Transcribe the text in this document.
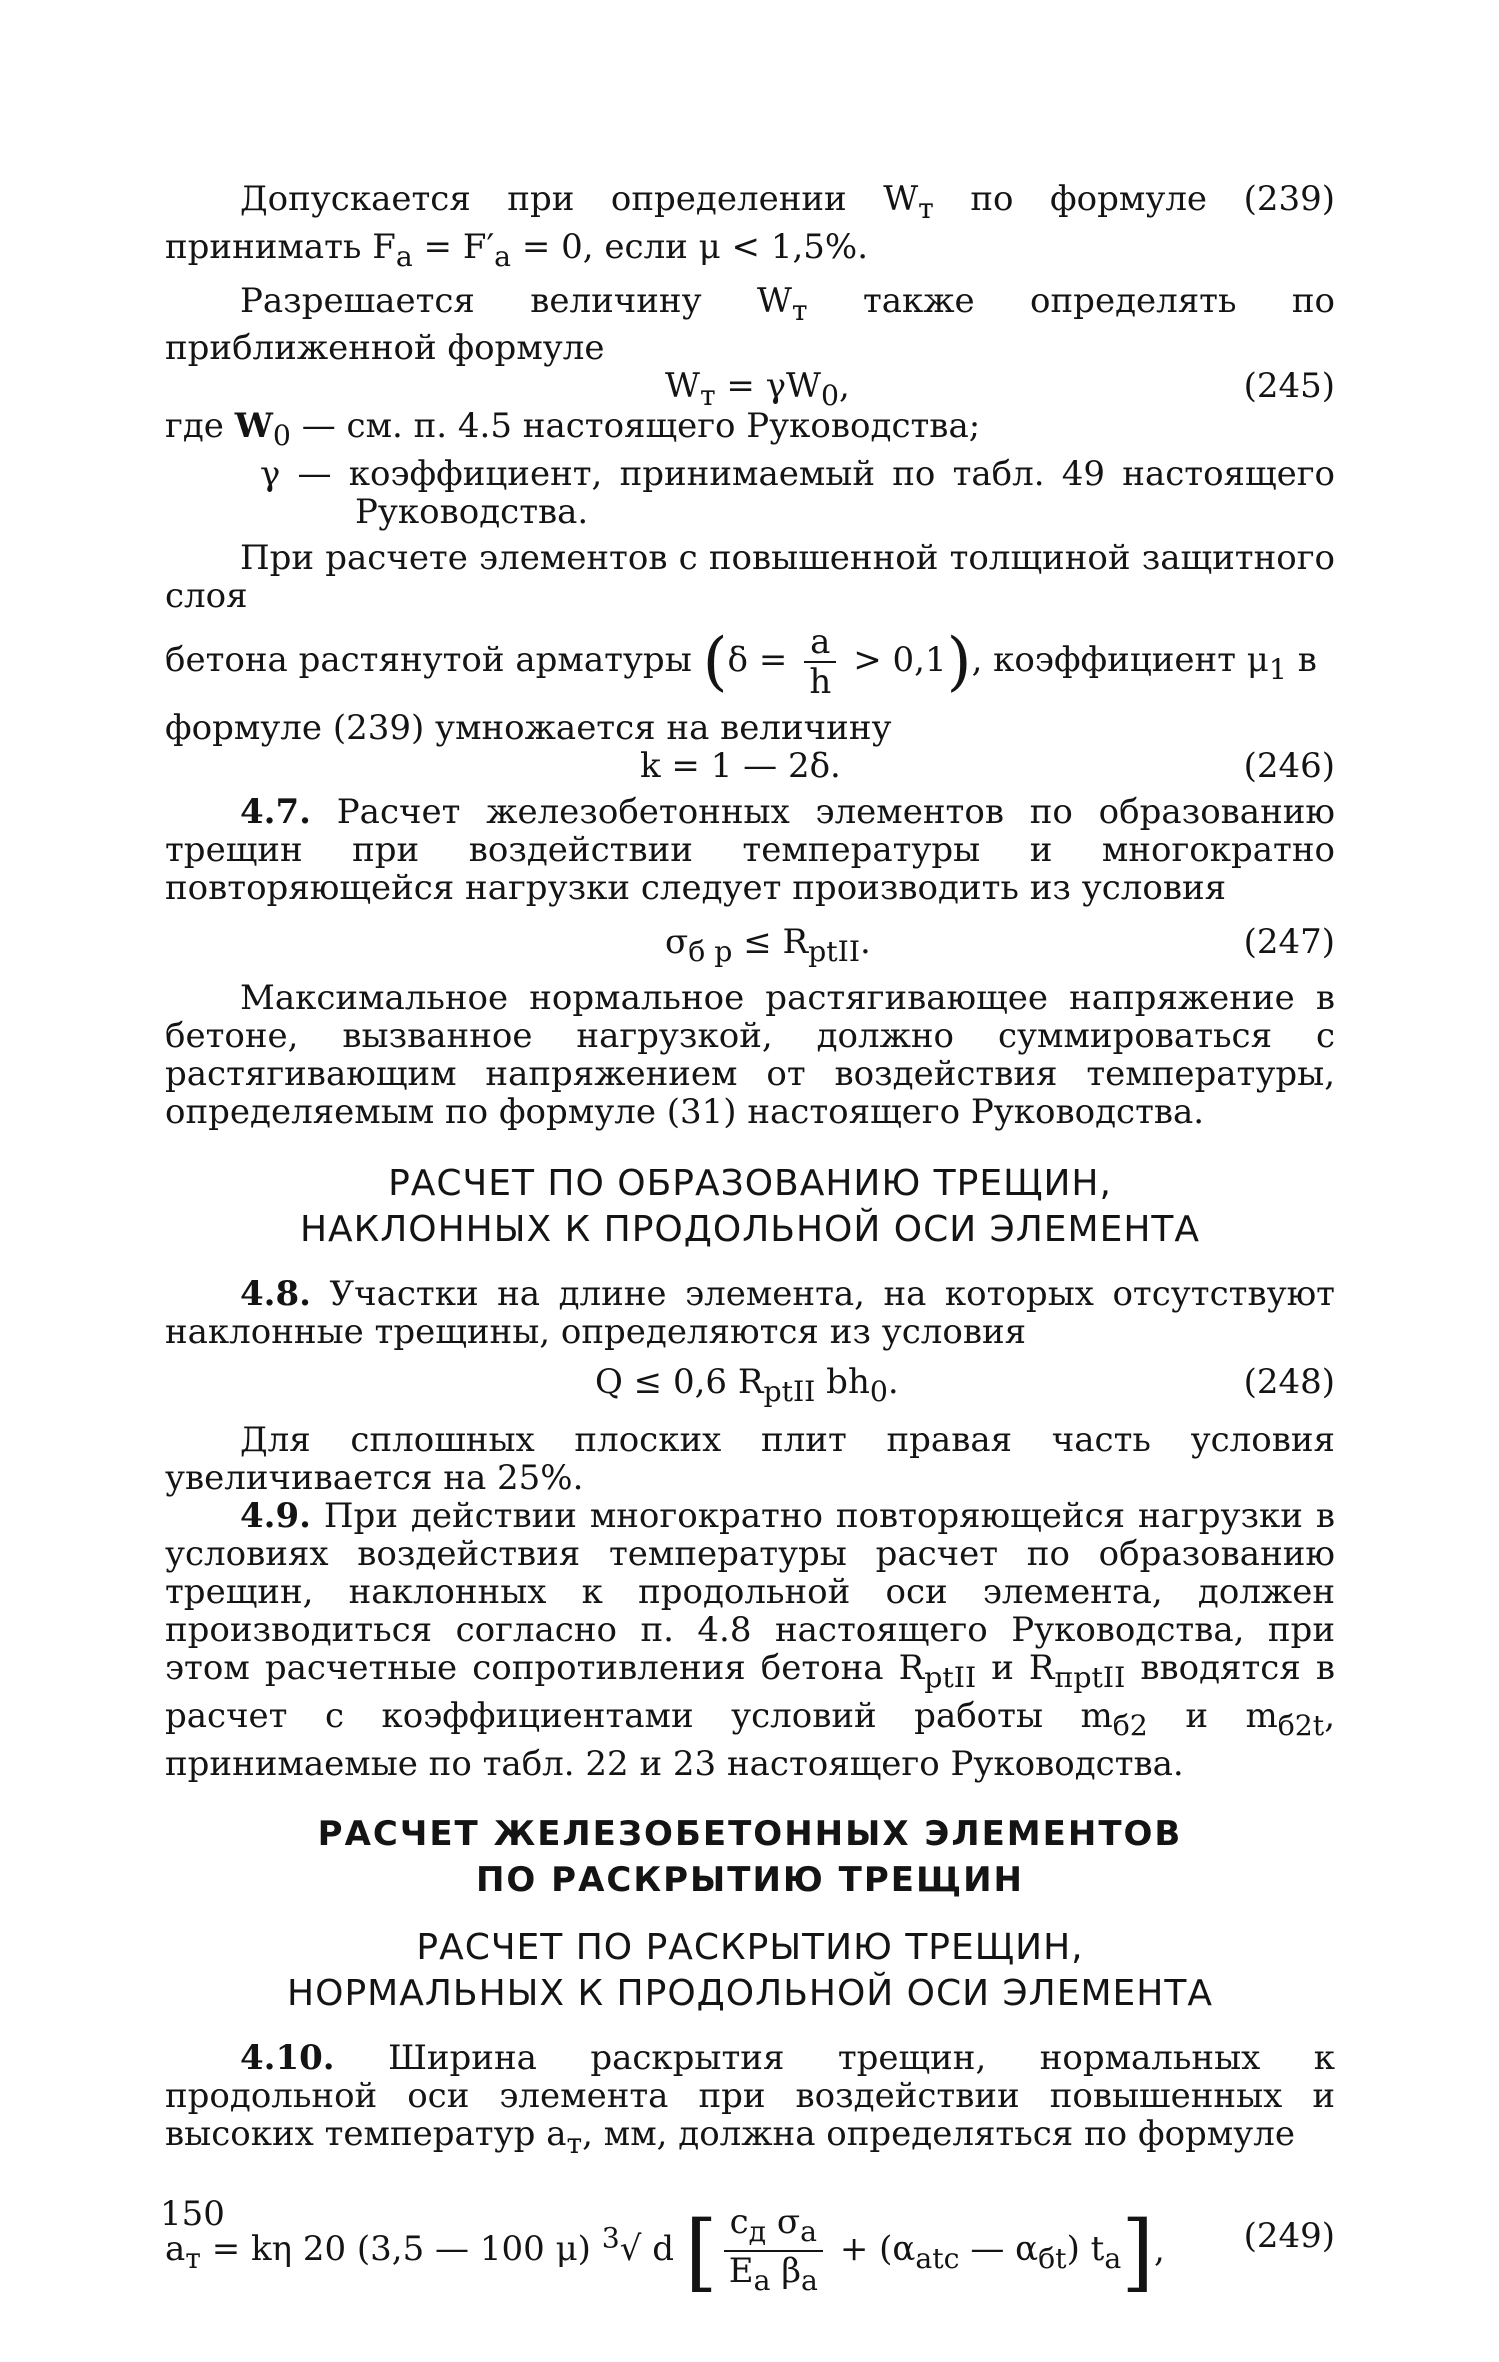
Допускается при определении $W_т$ по формуле (239) принимать $F_а = F'_а = 0$, если μ < 1,5%.

Разрешается величину $W_т$ также определять по приближенной формуле

$W_т = \gamma W_0$,	(245)

где $W_0$ — см. п. 4.5 настоящего Руководства;

γ — коэффициент, принимаемый по табл. 49 настоящего Руководства.

При расчете элементов с повышенной толщиной защитного слоя

бетона растянутой арматуры $(\delta = \frac{a}{h} > 0,1)$, коэффициент $\mu_1$ в

формуле (239) умножается на величину

k = 1 — 2δ.	(246)

4.7. Расчет железобетонных элементов по образованию трещин при воздействии температуры и многократно повторяющейся нагрузки следует производить из условия

$\sigma_{б р} \le R_{ptII}$.	(247)

Максимальное нормальное растягивающее напряжение в бетоне, вызванное нагрузкой, должно суммироваться с растягивающим напряжением от воздействия температуры, определяемым по формуле (31) настоящего Руководства.

РАСЧЕТ ПО ОБРАЗОВАНИЮ ТРЕЩИН,

НАКЛОННЫХ К ПРОДОЛЬНОЙ ОСИ ЭЛЕМЕНТА

4.8. Участки на длине элемента, на которых отсутствуют наклонные трещины, определяются из условия

Q ≤ 0,6 $R_{ptII}$ $bh_0$.	(248)

Для сплошных плоских плит правая часть условия увеличивается на 25%.

4.9. При действии многократно повторяющейся нагрузки в условиях воздействия температуры расчет по образованию трещин, наклонных к продольной оси элемента, должен производиться согласно п. 4.8 настоящего Руководства, при этом расчетные сопротивления бетона $R_{ptII}$ и $R_{прtII}$ вводятся в расчет с коэффициентами условий работы $m_{б2}$ и $m_{б2t}$, принимаемые по табл. 22 и 23 настоящего Руководства.

РАСЧЕТ ЖЕЛЕЗОБЕТОННЫХ ЭЛЕМЕНТОВ

ПО РАСКРЫТИЮ ТРЕЩИН

РАСЧЕТ ПО РАСКРЫТИЮ ТРЕЩИН,

НОРМАЛЬНЫХ К ПРОДОЛЬНОЙ ОСИ ЭЛЕМЕНТА

4.10. Ширина раскрытия трещин, нормальных к продольной оси элемента при воздействии повышенных и высоких температур $a_т$, мм, должна определяться по формуле

$a_т = k\eta$ 20 (3,5 — 100 μ) $^3$√ d [ $\frac{c_д \sigma_а}{E_а \beta_а} + (\alpha_{atc}$ — $\alpha_{бt}$) $t_а$], (249)
150
